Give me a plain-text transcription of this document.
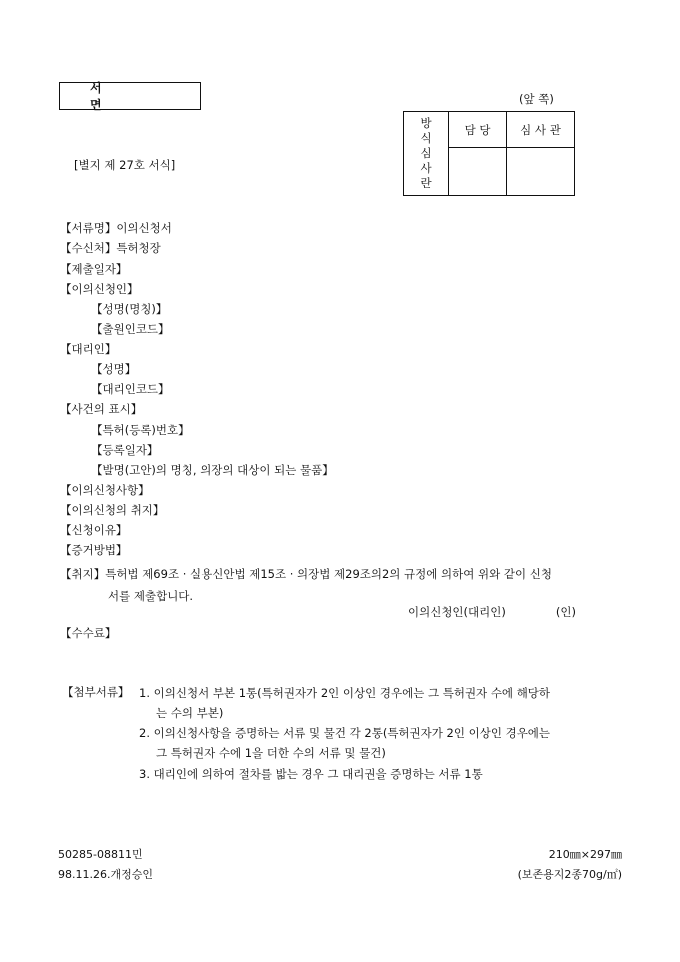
서 면	(앞 쪽)
[별지 제 27호 서식]
방식심사란	담 당	심 사 관

【서류명】이의신청서
【수신처】특허청장
【제출일자】
【이의신청인】
【성명(명칭)】
【출원인코드】
【대리인】
【성명】
【대리인코드】
【사건의 표시】
【특허(등록)번호】
【등록일자】
【발명(고안)의 명칭, 의장의 대상이 되는 물품】
【이의신청사항】
【이의신청의 취지】
【신청이유】
【증거방법】
【취지】특허법 제69조 · 실용신안법 제15조 · 의장법 제29조의2의 규정에 의하여 위와 같이 신청
서를 제출합니다.
이의신청인(대리인)	(인)
【수수료】
【첨부서류】 1. 이의신청서 부본 1통(특허권자가 2인 이상인 경우에는 그 특허권자 수에 해당하
는 수의 부본)
2. 이의신청사항을 증명하는 서류 및 물건 각 2통(특허권자가 2인 이상인 경우에는
그 특허권자 수에 1을 더한 수의 서류 및 물건)
3. 대리인에 의하여 절차를 밟는 경우 그 대리권을 증명하는 서류 1통
50285-08811민
98.11.26.개정승인
210㎜×297㎜
(보존용지2종70g/㎡)
